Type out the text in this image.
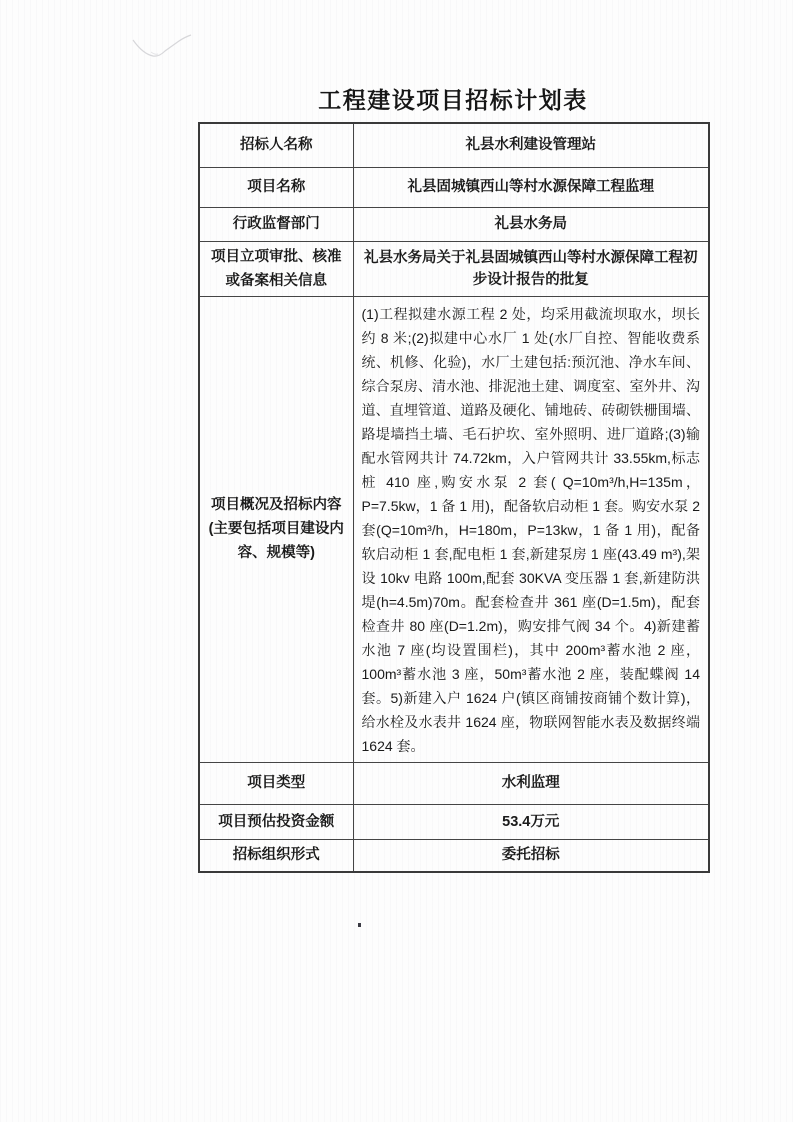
工程建设项目招标计划表
招标人名称	礼县水利建设管理站
项目名称	礼县固城镇西山等村水源保障工程监理
行政监督部门	礼县水务局
项目立项审批、核准或备案相关信息	礼县水务局关于礼县固城镇西山等村水源保障工程初步设计报告的批复
项目概况及招标内容(主要包括项目建设内容、规模等)	(1)工程拟建水源工程 2 处，均采用截流坝取水，坝长约 8 米;(2)拟建中心水厂 1 处(水厂自控、智能收费系统、机修、化验)，水厂土建包括:预沉池、净水车间、综合泵房、清水池、排泥池土建、调度室、室外井、沟道、直埋管道、道路及硬化、铺地砖、砖砌铁栅围墙、路堤墙挡土墙、毛石护坎、室外照明、进厂道路;(3)输配水管网共计 74.72km，入户管网共计 33.55km,标志桩 410 座,购安水泵 2 套( Q=10m³/h,H=135m，P=7.5kw，1 备 1 用)，配备软启动柜 1 套。购安水泵 2 套(Q=10m³/h，H=180m，P=13kw，1 备 1 用)，配备软启动柜 1 套,配电柜 1 套,新建泵房 1 座(43.49 m³),架设 10kv 电路 100m,配套 30KVA 变压器 1 套,新建防洪堤(h=4.5m)70m。配套检查井 361 座(D=1.5m)，配套检查井 80 座(D=1.2m)，购安排气阀 34 个。4)新建蓄水池 7 座(均设置围栏)，其中 200m³蓄水池 2 座，100m³蓄水池 3 座，50m³蓄水池 2 座，装配蝶阀 14 套。5)新建入户 1624 户(镇区商铺按商铺个数计算)，给水栓及水表井 1624 座，物联网智能水表及数据终端 1624 套。
项目类型	水利监理
项目预估投资金额	53.4万元
招标组织形式	委托招标
